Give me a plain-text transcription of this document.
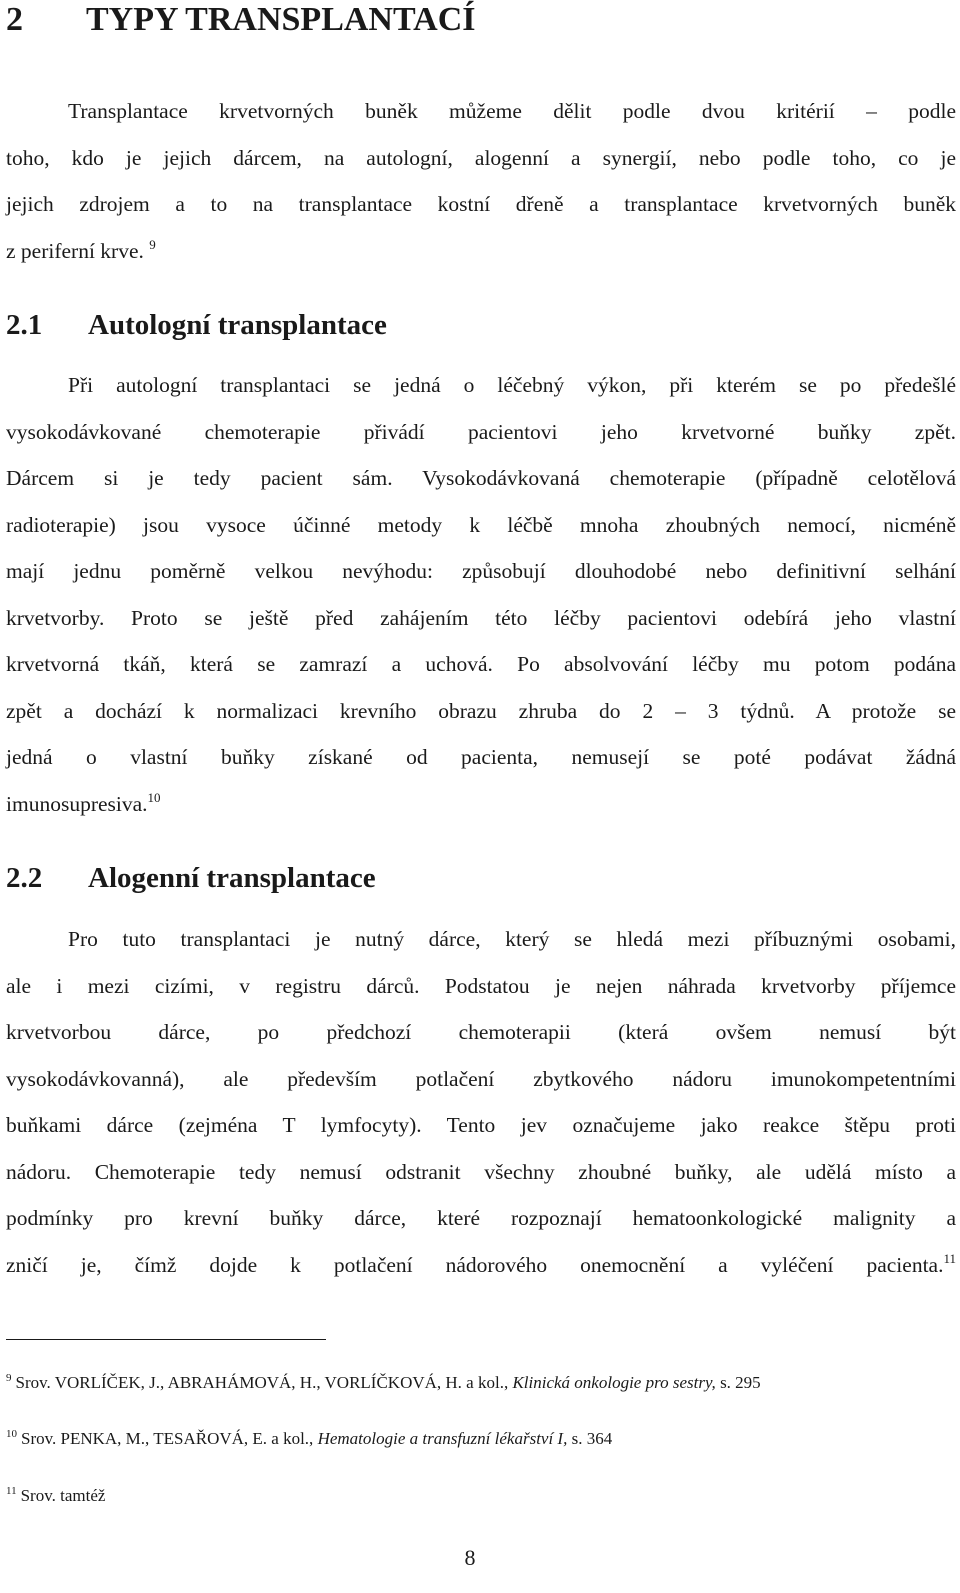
2 TYPY TRANSPLANTACÍ
Transplantace krvetvorných buněk můžeme dělit podle dvou kritérií – podle
toho, kdo je jejich dárcem, na autologní, alogenní a synergií, nebo podle toho, co je
jejich zdrojem a to na transplantace kostní dřeně a transplantace krvetvorných buněk
z periferní krve. $^9$
2.1 Autologní transplantace
Při autologní transplantaci se jedná o léčebný výkon, při kterém se po předešlé
vysokodávkované chemoterapie přivádí pacientovi jeho krvetvorné buňky zpět.
Dárcem si je tedy pacient sám. Vysokodávkovaná chemoterapie (případně celotělová
radioterapie) jsou vysoce účinné metody k léčbě mnoha zhoubných nemocí, nicméně
mají jednu poměrně velkou nevýhodu: způsobují dlouhodobé nebo definitivní selhání
krvetvorby. Proto se ještě před zahájením této léčby pacientovi odebírá jeho vlastní
krvetvorná tkáň, která se zamrazí a uchová. Po absolvování léčby mu potom podána
zpět a dochází k normalizaci krevního obrazu zhruba do 2 – 3 týdnů. A protože se
jedná o vlastní buňky získané od pacienta, nemusejí se poté podávat žádná
imunosupresiva.$^{10}$
2.2 Alogenní transplantace
Pro tuto transplantaci je nutný dárce, který se hledá mezi příbuznými osobami,
ale i mezi cizími, v registru dárců. Podstatou je nejen náhrada krvetvorby příjemce
krvetvorbou dárce, po předchozí chemoterapii (která ovšem nemusí být
vysokodávkovanná), ale především potlačení zbytkového nádoru imunokompetentními
buňkami dárce (zejména T lymfocyty). Tento jev označujeme jako reakce štěpu proti
nádoru. Chemoterapie tedy nemusí odstranit všechny zhoubné buňky, ale udělá místo a
podmínky pro krevní buňky dárce, které rozpoznají hematoonkologické malignity a
zničí je, čímž dojde k potlačení nádorového onemocnění a vyléčení pacienta.$^{11}$
$^9$ Srov. VORLÍČEK, J., ABRAHÁMOVÁ, H., VORLÍČKOVÁ, H. a kol., Klinická onkologie pro sestry, s. 295
$^{10}$ Srov. PENKA, M., TESAŘOVÁ, E. a kol., Hematologie a transfuzní lékařství I, s. 364
$^{11}$ Srov. tamtéž
8
